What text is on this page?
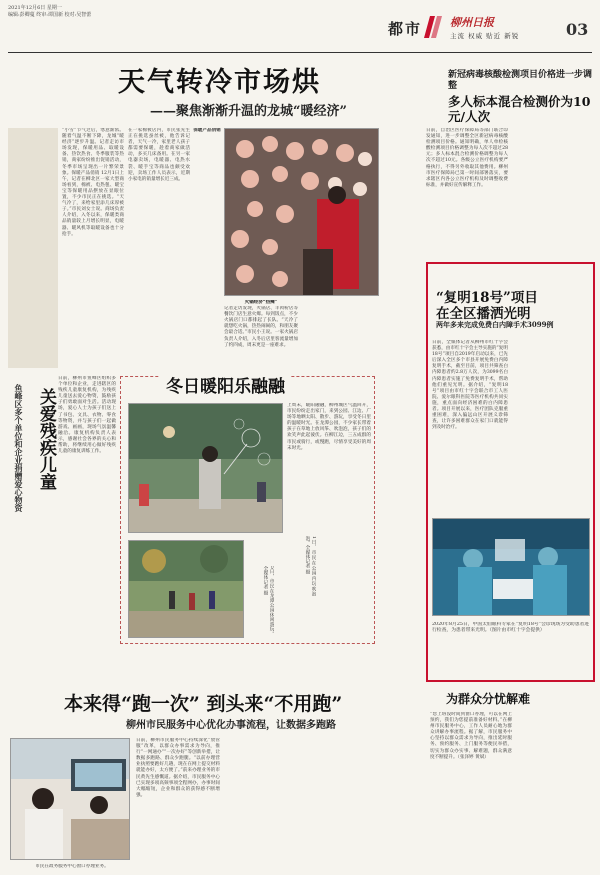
2021年12月6日 星期一
编辑:彭卿蔓 终审:谭国新 校对:吴智蕾
都市	柳州日报
主流 权威 贴近 新锐	03
天气转冷市场烘
——聚焦渐渐升温的龙城“暖经济”
“小雪”节气过后，寒意渐浓。随着气温不断下降，龙城“暖经济”逐步升温。记者走访市场发现，保暖用品、取暖设备、热饮热食、冬季服装等热销，商家纷纷推出促销活动，冬季市场呈现出一片繁荣景象。保暖产品俏销 12月1日上午，记者在柳北区一家大型商场看到，棉被、电热毯、暖宝宝等保暖用品摆放在显眼位置，不少市民正在挑选。“天气冷了，来给家里添几床厚被子。”市民刘女士说。商场负责人介绍，入冬以来，保暖类商品销量较上月增长明显，电暖器、暖风机等取暖设备也十分抢手。
在一家棉被店内，市民张先生正在挑选蚕丝被，他告诉记者，天气一冷，家里老人孩子都需要保暖，趁着商家做活动，多买几床备用。在另一家电器卖场，电暖器、电热水袋、暖手宝等商品也颇受欢迎，卖场工作人员表示，近期小家电的销量增长近三成。
火锅经济“热辣”
记者走访发现，火锅店、羊肉粉店等餐饮门店生意火爆。每到饭点，不少火锅店门口都排起了长队。“天冷了就想吃火锅，热热闹闹的，和朋友聚会最合适。”市民小王说。一家火锅店负责人介绍，入冬后店里客流量增加了约四成，周末更是一座难求。
保暖产品俏销
关爱残疾儿童
鱼峰区多个单位和企业捐赠爱心物资
日前，柳州市鱼峰区组织多个单位和企业，走进辖区的残疾儿童康复机构，为残疾儿童送去爱心物资，鼓励孩子们勇敢面对生活。活动现场，爱心人士为孩子们送上了书包、文具、衣物、零食等物资，并与孩子们一起做游戏、画画，现场气氛温馨融洽。康复机构负责人表示，感谢社会各界的关心和帮助，将继续用心做好残疾儿童的康复训练工作。
冬日暖阳乐融融
上周末，暖阳融融，柳州城区气温回升，市民纷纷走出家门，来到公园、江边、广场等地晒太阳、散步、游玩，享受冬日里的温暖时光。在龙潭公园，不少家长带着孩子在草地上放风筝、吹泡泡，孩子们的欢笑声此起彼伏。在柳江边，三五成群的市民或骑行，或慢跑，尽情享受美好的周末时光。
5日，市民在龙潭公园休闲游玩。全媒体记者 摄	1日，市民在公园内玩吹泡泡。全媒体记者 摄
新冠病毒核酸检测项目价格进一步调整
多人标本混合检测价为10元/人次
日前，自治区医疗保障局等部门联合印发通知，进一步调整全区新冠病毒核酸检测项目价格。通知明确，单人单检核酸检测项目价格调整为每人次不超过28元；多人标本混合检测价格调整为每人次不超过10元。各级公立医疗机构要严格执行，不得另外收取其他费用。柳州市医疗保障局已第一时间部署落实，要求辖区内各公立医疗机构及时调整收费标准，并做好宣传解释工作。
“复明18号”项目
在全区播洒光明
两年多来完成免费白内障手术3099例
日前，全媒体记者从柳州市红十字会获悉，由市红十字会主导实施的“复明18号”项目自2019年启动以来，已先后深入全区多个市县开展免费白内障复明手术，截至目前，项目共筛查白内障患者约2.8万人次，为3099名白内障患者实施了免费复明手术，帮助他们重见光明。据介绍，“复明18号”项目由市红十字会联合市工人医院、爱尔眼科医院等医疗机构共同实施，重点面向经济困难的白内障患者。项目开展以来，医疗团队克服重重困难，深入偏远山区开展义诊筛查，让许多困难群众在家门口就能得到及时治疗。
2020年8月25日，中国太仙眼科专家在“复明18号”会诊现场为受助患者进行检查，为患者带来光明。（图片由市红十字会提供）
为群众分忧解难
“您上班没时间到窗口办理，可以在网上预约，我们为您提前准备好材料。”在柳州市民服务中心，工作人员耐心地为群众讲解办事流程。据了解，市民服务中心坚持以群众需求为导向，推出延时服务、预约服务、上门服务等便民举措，切实为群众办实事、解难题，群众满意度不断提升。（张泽婷 黄斌）
本来得“跑一次” 到头来“不用跑”
柳州市民服务中心优化办事流程，让数据多跑路
市民在政务服务中心窗口办理业务。
日前，柳州市民服务中心持续深化“放管服”改革，以群众办事需求为导向，推行“一网通办”“一次办好”等创新举措，让数据多跑路、群众少跑腿。“以前办理营业执照要跑好几趟，现在在网上提交材料就能办好，太方便了。”前来办理业务的市民黄先生感慨道。据介绍，市民服务中心已实现多项高频事项全程网办，办事时间大幅缩短，企业和群众的获得感不断增强。
